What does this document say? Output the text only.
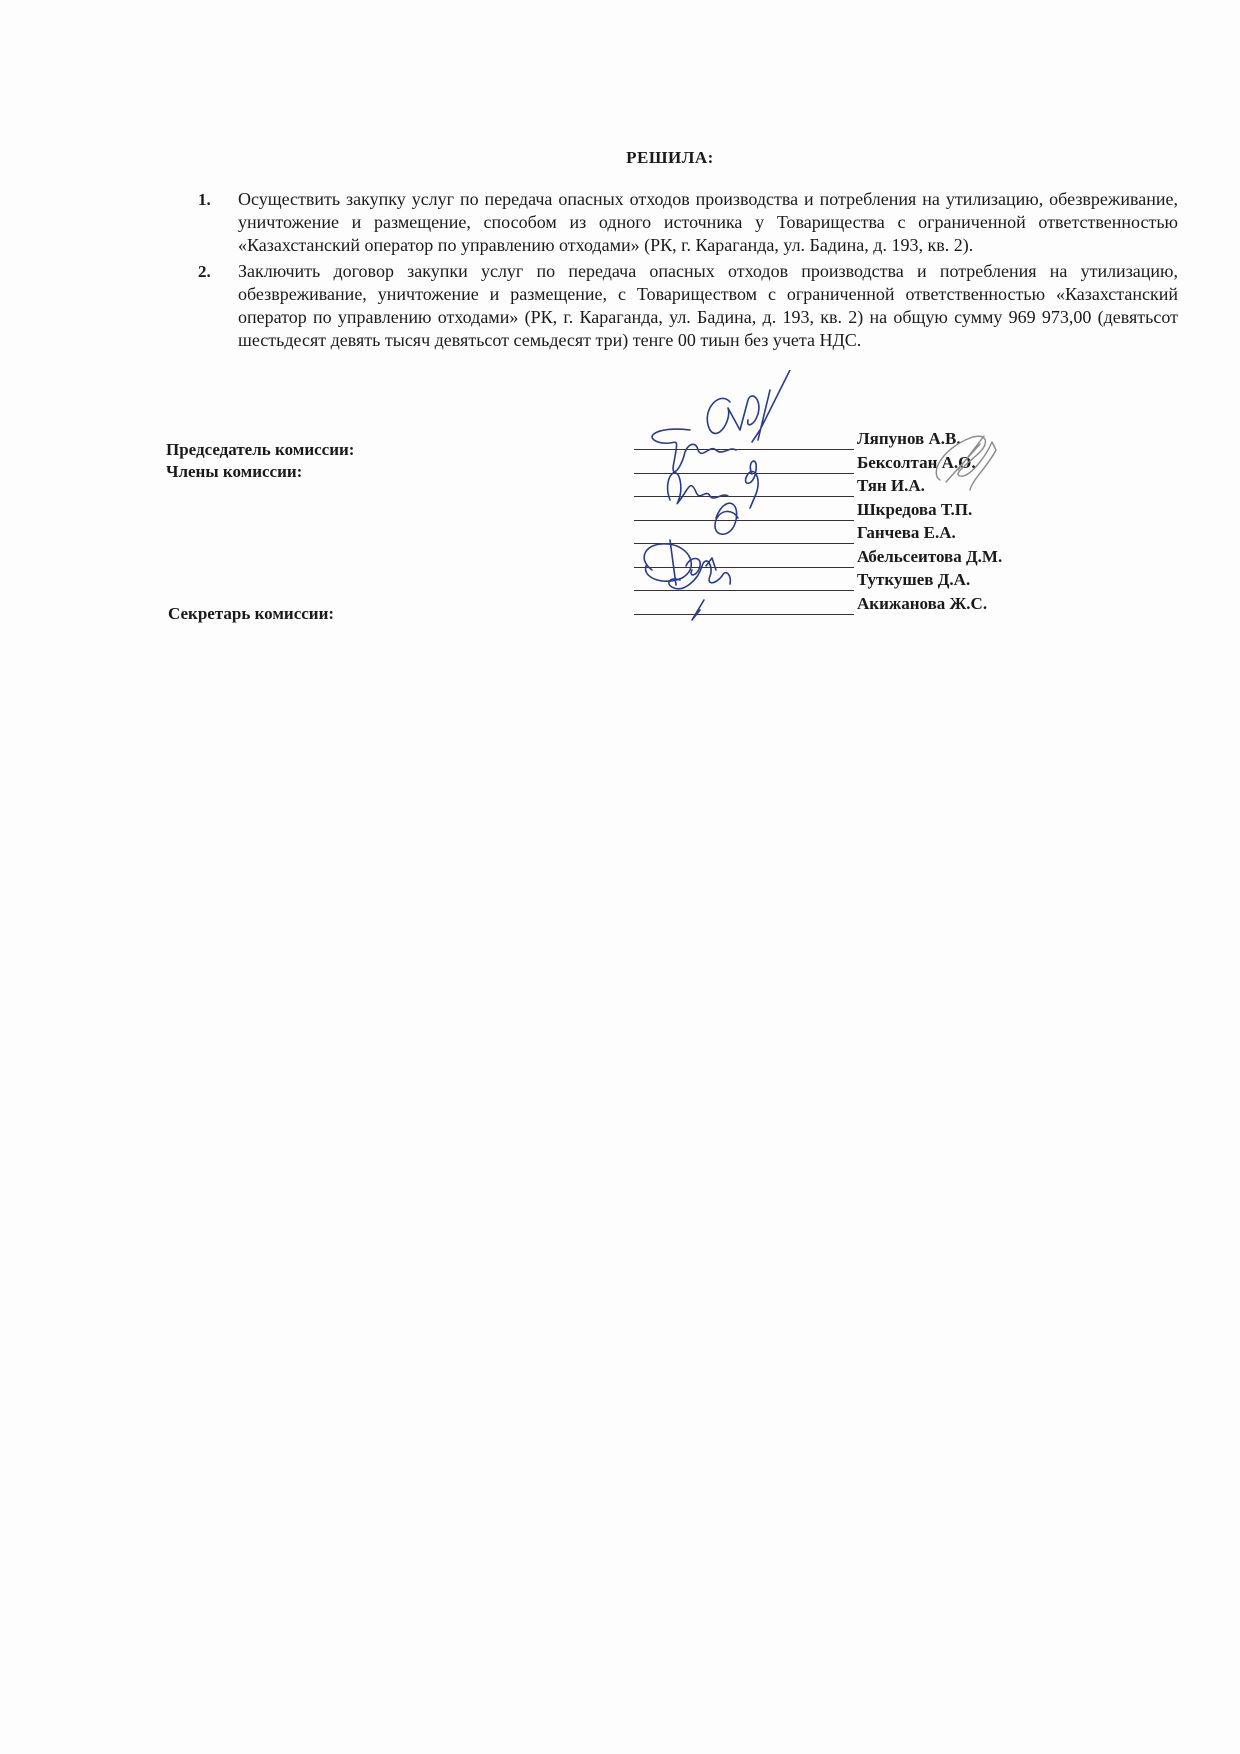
РЕШИЛА:
1. Осуществить закупку услуг по передача опасных отходов производства и потребления на утилизацию, обезвреживание, уничтожение и размещение, способом из одного источника у Товарищества с ограниченной ответственностью «Казахстанский оператор по управлению отходами» (РК, г. Караганда, ул. Бадина, д. 193, кв. 2).
2. Заключить договор закупки услуг по передача опасных отходов производства и потребления на утилизацию, обезвреживание, уничтожение и размещение, с Товариществом с ограниченной ответственностью «Казахстанский оператор по управлению отходами» (РК, г. Караганда, ул. Бадина, д. 193, кв. 2) на общую сумму 969 973,00 (девятьсот шестьдесят девять тысяч девятьсот семьдесят три) тенге 00 тиын без учета НДС.
Председатель комиссии:
Члены комиссии:
Секретарь комиссии:
Ляпунов А.В.
Бексолтан А.О.
Тян И.А.
Шкредова Т.П.
Ганчева Е.А.
Абельсеитова Д.М.
Туткушев Д.А.
Акижанова Ж.С.
